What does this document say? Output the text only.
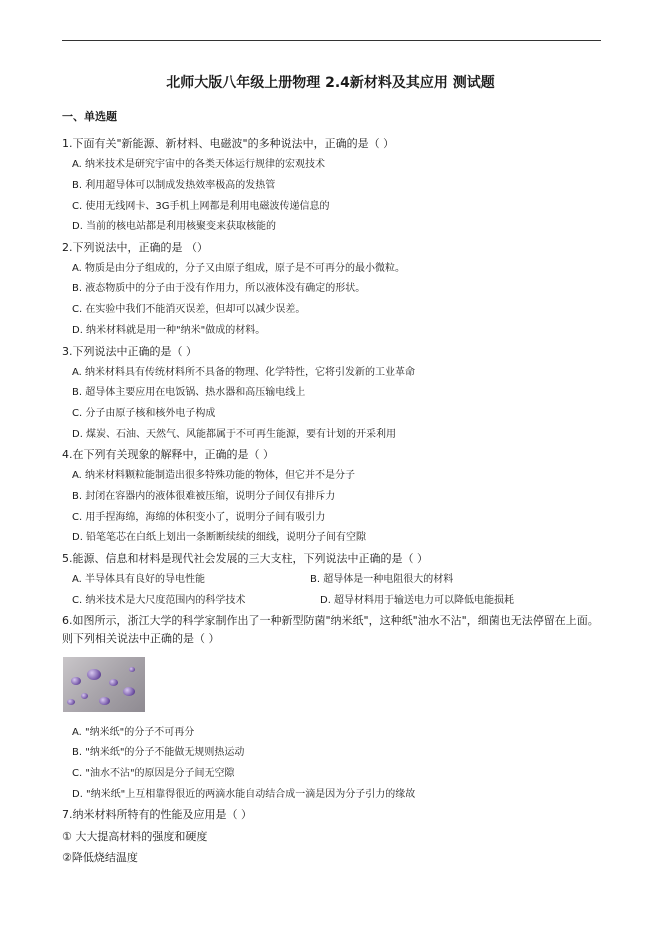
北师大版八年级上册物理 2.4新材料及其应用 测试题
一、单选题
1.下面有关"新能源、新材料、电磁波"的多种说法中，正确的是（ ）
A. 纳米技术是研究宇宙中的各类天体运行规律的宏观技术
B. 利用超导体可以制成发热效率极高的发热管
C. 使用无线网卡、3G手机上网都是利用电磁波传递信息的
D. 当前的核电站都是利用核聚变来获取核能的
2.下列说法中，正确的是 （）
A. 物质是由分子组成的，分子又由原子组成，原子是不可再分的最小微粒。
B. 液态物质中的分子由于没有作用力，所以液体没有确定的形状。
C. 在实验中我们不能消灭误差，但却可以减少误差。
D. 纳米材料就是用一种"纳米"做成的材料。
3.下列说法中正确的是（ ）
A. 纳米材料具有传统材料所不具备的物理、化学特性，它将引发新的工业革命
B. 超导体主要应用在电饭锅、热水器和高压输电线上
C. 分子由原子核和核外电子构成
D. 煤炭、石油、天然气、风能都属于不可再生能源，要有计划的开采利用
4.在下列有关现象的解释中，正确的是（ ）
A. 纳米材料颗粒能制造出很多特殊功能的物体，但它并不是分子
B. 封闭在容器内的液体很难被压缩，说明分子间仅有排斥力
C. 用手捏海绵，海绵的体积变小了，说明分子间有吸引力
D. 铅笔笔芯在白纸上划出一条断断续续的细线，说明分子间有空隙
5.能源、信息和材料是现代社会发展的三大支柱，下列说法中正确的是（ ）
A. 半导体具有良好的导电性能	B. 超导体是一种电阻很大的材料
C. 纳米技术是大尺度范围内的科学技术	D. 超导材料用于输送电力可以降低电能损耗
6.如图所示，浙江大学的科学家制作出了一种新型防菌"纳米纸"，这种纸"油水不沾"，细菌也无法停留在上面。则下列相关说法中正确的是（ ）
A. "纳米纸"的分子不可再分
B. "纳米纸"的分子不能做无规则热运动
C. "油水不沾"的原因是分子间无空隙
D. "纳米纸"上互相靠得很近的两滴水能自动结合成一滴是因为分子引力的缘故
7.纳米材料所特有的性能及应用是（ ）
① 大大提高材料的强度和硬度
②降低烧结温度
